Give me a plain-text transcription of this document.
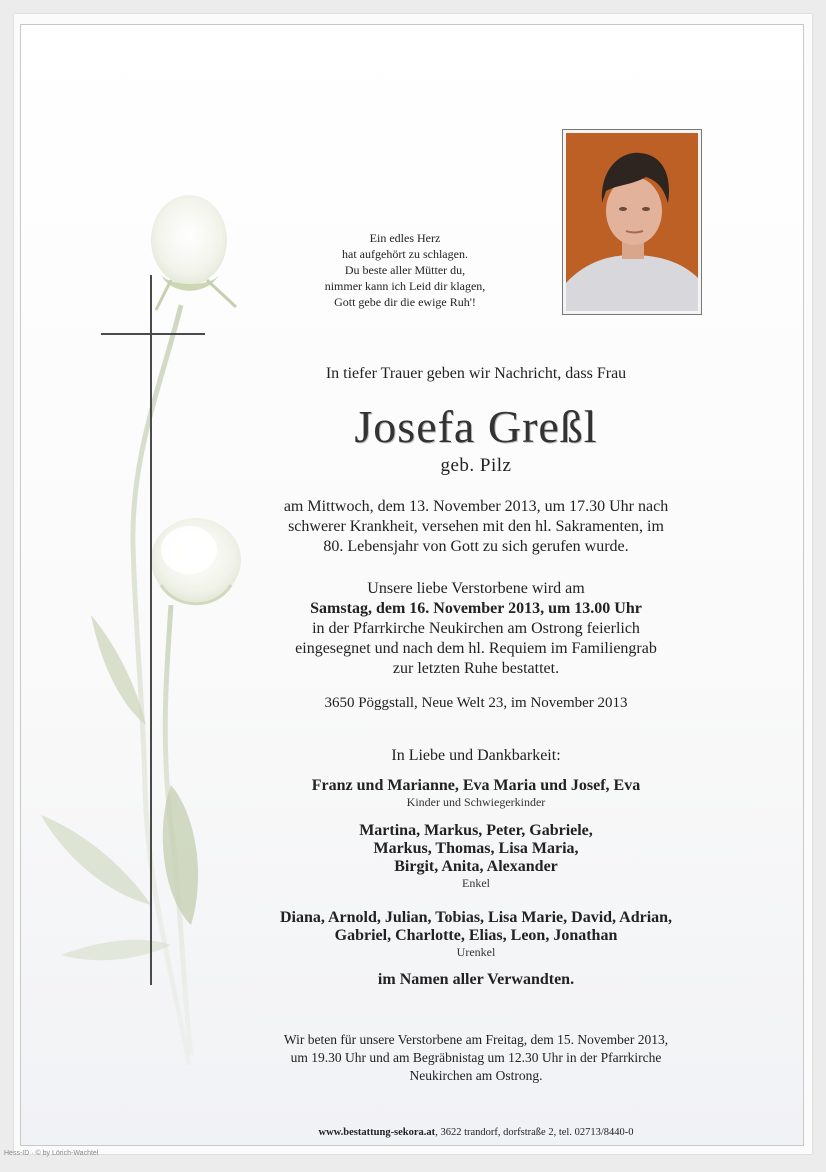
Ein edles Herz
hat aufgehört zu schlagen.
Du beste aller Mütter du,
nimmer kann ich Leid dir klagen,
Gott gebe dir die ewige Ruh'!
In tiefer Trauer geben wir Nachricht, dass Frau
Josefa Greßl
geb. Pilz
am Mittwoch, dem 13. November 2013, um 17.30 Uhr nach
schwerer Krankheit, versehen mit den hl. Sakramenten, im
80. Lebensjahr von Gott zu sich gerufen wurde.
Unsere liebe Verstorbene wird am
Samstag, dem 16. November 2013, um 13.00 Uhr
in der Pfarrkirche Neukirchen am Ostrong feierlich
eingesegnet und nach dem hl. Requiem im Familiengrab
zur letzten Ruhe bestattet.
3650 Pöggstall, Neue Welt 23, im November 2013
In Liebe und Dankbarkeit:
Franz und Marianne, Eva Maria und Josef, Eva
Kinder und Schwiegerkinder
Martina, Markus, Peter, Gabriele,
Markus, Thomas, Lisa Maria,
Birgit, Anita, Alexander
Enkel
Diana, Arnold, Julian, Tobias, Lisa Marie, David, Adrian,
Gabriel, Charlotte, Elias, Leon, Jonathan
Urenkel
im Namen aller Verwandten.
Wir beten für unsere Verstorbene am Freitag, dem 15. November 2013,
um 19.30 Uhr und am Begräbnistag um 12.30 Uhr in der Pfarrkirche
Neukirchen am Ostrong.
www.bestattung-sekora.at, 3622 trandorf, dorfstraße 2, tel. 02713/8440-0
Hess-ID · © by Lörich-Wachtel
